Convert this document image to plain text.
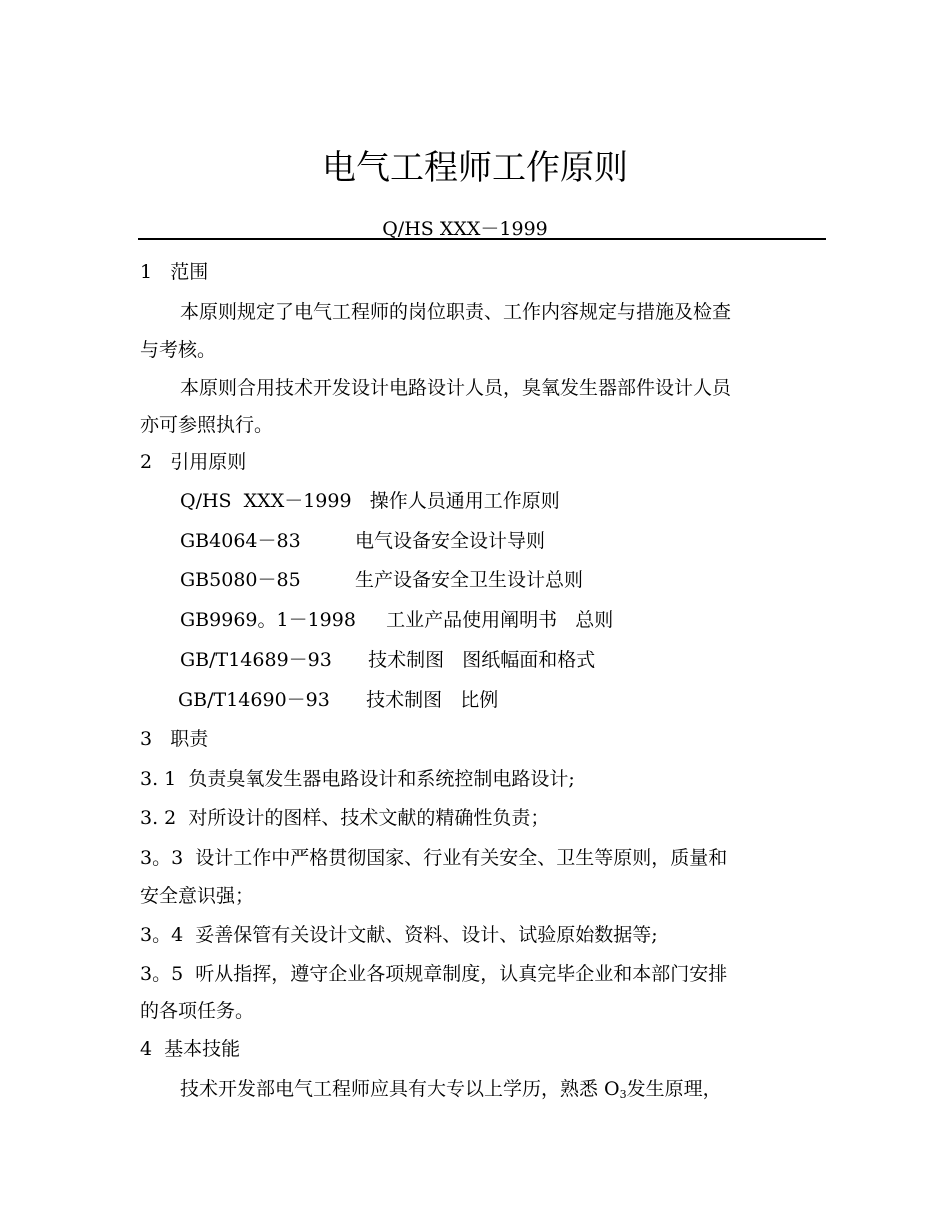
电气工程师工作原则
Q/HS XXX－1999
1   范围
本原则规定了电气工程师的岗位职责、工作内容规定与措施及检查
与考核。
本原则合用技术开发设计电路设计人员，臭氧发生器部件设计人员
亦可参照执行。
2   引用原则
Q/HS  XXX－1999   操作人员通用工作原则
GB4064－83         电气设备安全设计导则
GB5080－85         生产设备安全卫生设计总则
GB9969。1－1998     工业产品使用阐明书   总则
GB/T14689－93      技术制图   图纸幅面和格式
GB/T14690－93      技术制图   比例
3   职责
3. 1  负责臭氧发生器电路设计和系统控制电路设计;
3. 2  对所设计的图样、技术文献的精确性负责；
3。3  设计工作中严格贯彻国家、行业有关安全、卫生等原则，质量和
安全意识强；
3。4  妥善保管有关设计文献、资料、设计、试验原始数据等;
3。5  听从指挥，遵守企业各项规章制度，认真完毕企业和本部门安排
的各项任务。
4  基本技能
技术开发部电气工程师应具有大专以上学历，熟悉 $O_3$发生原理，
